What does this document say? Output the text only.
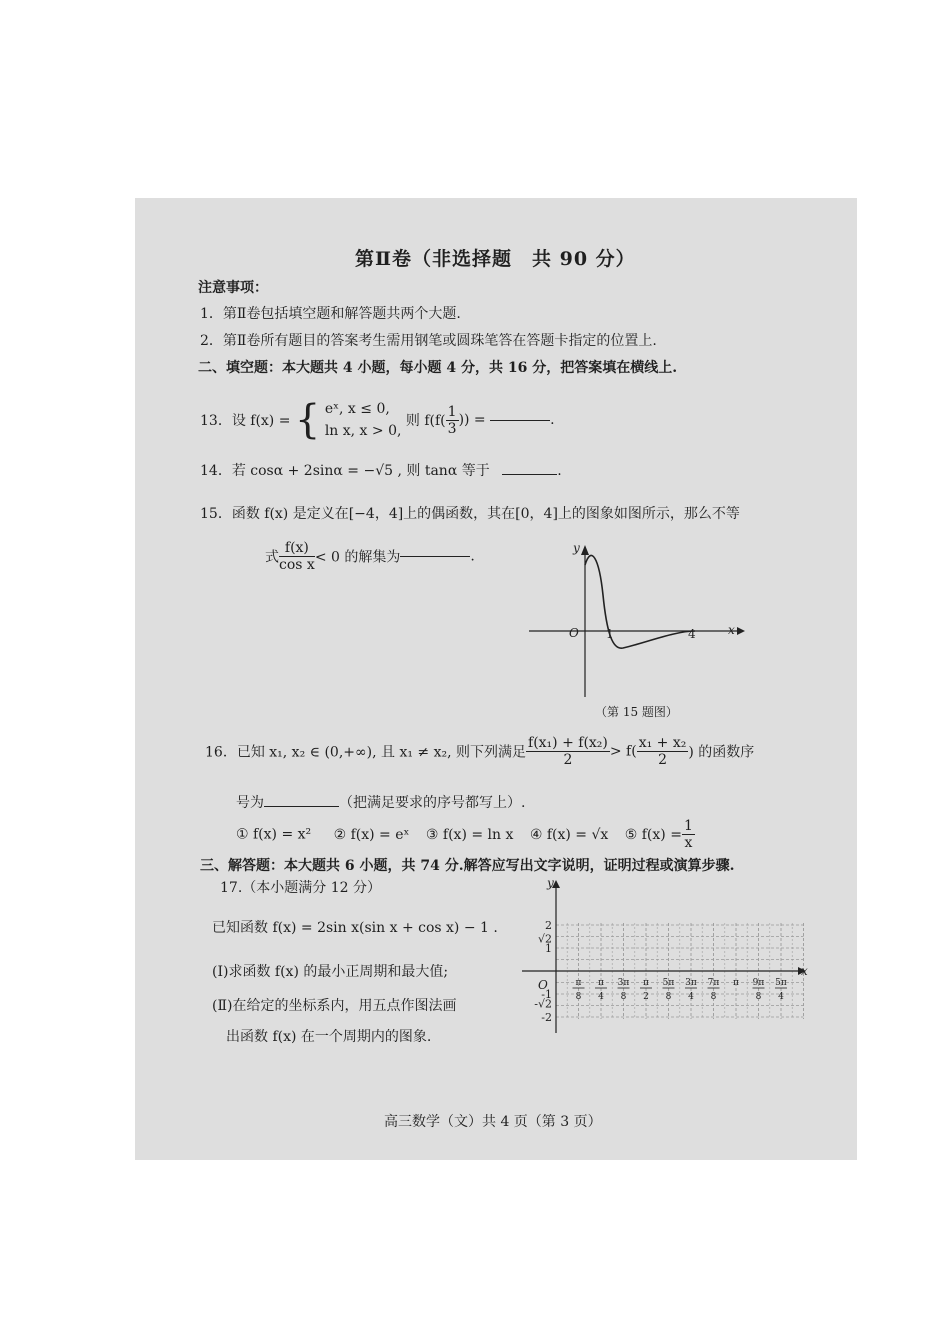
第Ⅱ卷（非选择题　共 90 分）
注意事项：
1．第Ⅱ卷包括填空题和解答题共两个大题.
2．第Ⅱ卷所有题目的答案考生需用钢笔或圆珠笔答在答题卡指定的位置上.
二、填空题：本大题共 4 小题，每小题 4 分，共 16 分，把答案填在横线上.
13．设 f(x) = { eˣ, x ≤ 0,
ln x, x > 0,
则 $f(f( \frac{1}{3}$ )) =	.
14．若 cosα + 2sinα = −√5 , 则 tanα 等于	.
15．函数 f(x) 是定义在[−4，4]上的偶函数，其在[0，4]上的图象如图所示，那么不等
式 $\frac{f(x)}{\text{cos x}} < 0$ 的解集为	.
y
x
O 1	4
（第 15 题图）
16．已知 x₁, x₂ ∈ (0,+∞), 且 x₁ ≠ x₂, 则下列满足 $\frac{\text{f(x₁) + f(x₂)}}{2} > f( \frac{\text{x₁ + x₂}}{2}$ ) 的函数序
号为	（把满足要求的序号都写上）.
① f(x) = x² ② f(x) = eˣ ③ f(x) = ln x ④ f(x) = √x ⑤ $f(x) = \frac{1}{x}$
三、解答题：本大题共 6 小题，共 74 分.解答应写出文字说明，证明过程或演算步骤.
17.（本小题满分 12 分）
已知函数 f(x) = 2sin x(sin x + cos x) − 1 .
(Ⅰ)求函数 f(x) 的最小正周期和最大值;
(Ⅱ)在给定的坐标系内，用五点作图法画
出函数 f(x) 在一个周期内的图象.
y
x
O
2
√2
1
-1
-√2
-2
π
8
π
4
3π
8
π
2
5π
8
3π
4
7π
8
π 9π
8
5π
4
高三数学（文）共 4 页（第 3 页）
